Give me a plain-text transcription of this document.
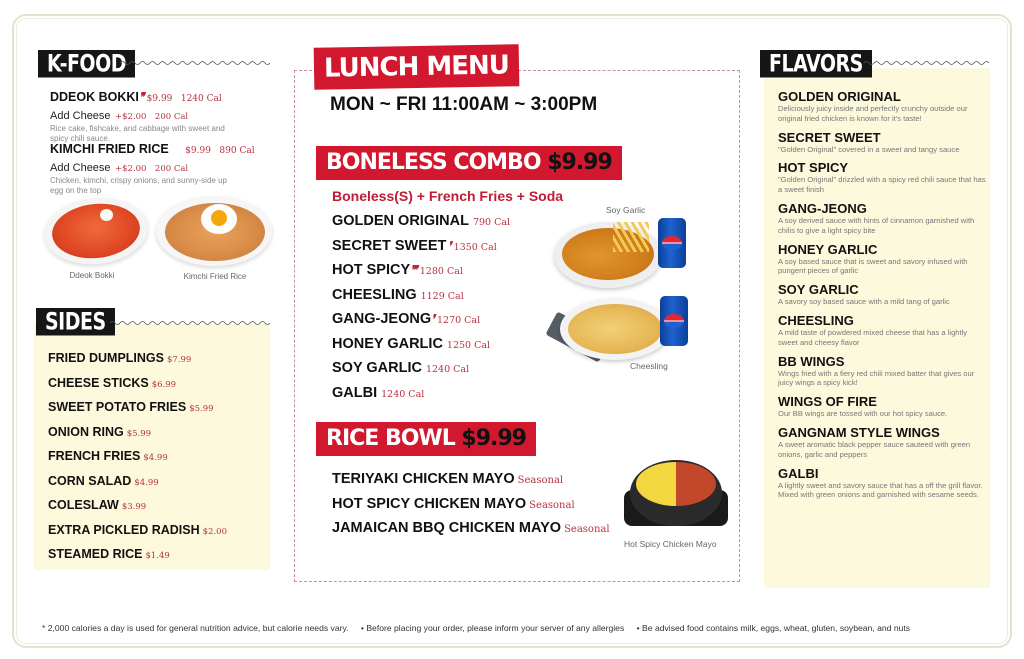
K-FOOD
DDEOK BOKKI❜❜ $9.99 1240 Cal
Add Cheese +$2.00 200 Cal
Rice cake, fishcake, and cabbage with sweet and spicy chili sauce.
KIMCHI FRIED RICE $9.99 890 Cal
Add Cheese +$2.00 200 Cal
Chicken, kimchi, crispy onions, and sunny-side up egg on the top
Ddeok Bokki	Kimchi Fried Rice
SIDES
FRIED DUMPLINGS $7.99
CHEESE STICKS $6.99
SWEET POTATO FRIES $5.99
ONION RING $5.99
FRENCH FRIES $4.99
CORN SALAD $4.99
COLESLAW $3.99
EXTRA PICKLED RADISH $2.00
STEAMED RICE $1.49
LUNCH MENU
MON ~ FRI 11:00AM ~ 3:00PM
BONELESS COMBO $9.99
Boneless(S) + French Fries + Soda
GOLDEN ORIGINAL 790 Cal
SECRET SWEET ❜ 1350 Cal
HOT SPICY❜❜❜ 1280 Cal
CHEESLING 1129 Cal
GANG-JEONG❜ 1270 Cal
HONEY GARLIC 1250 Cal
SOY GARLIC 1240 Cal
GALBI 1240 Cal
Soy Garlic
Cheesling
RICE BOWL $9.99
TERIYAKI CHICKEN MAYO Seasonal
HOT SPICY CHICKEN MAYO Seasonal
JAMAICAN BBQ CHICKEN MAYO Seasonal
Hot Spicy Chicken Mayo
FLAVORS
GOLDEN ORIGINAL
Deliciously juicy inside and perfectly crunchy outside our original fried chicken is known for it's taste!
SECRET SWEET
"Golden Original" covered in a sweet and tangy sauce
HOT SPICY
"Golden Original" drizzled with a spicy red chili sauce that has a sweet finish
GANG-JEONG
A soy derived sauce with hints of cinnamon garnished with chilis to give a light spicy bite
HONEY GARLIC
A soy based sauce that is sweet and savory infused with pungent pieces of garlic
SOY GARLIC
A savory soy based sauce with a mild tang of garlic
CHEESLING
A mild taste of powdered mixed cheese that has a lightly sweet and cheesy flavor
BB WINGS
Wings fried with a fiery red chili mixed batter that gives our juicy wings a spicy kick!
WINGS OF FIRE
Our BB wings are tossed with our hot spicy sauce.
GANGNAM STYLE WINGS
A sweet aromatic black pepper sauce sauteed with green onions, garlic and peppers
GALBI
A lightly sweet and savory sauce that has a off the grill flavor. Mixed with green onions and garnished with sesame seeds.
* 2,000 calories a day is used for general nutrition advice, but calorie needs vary. • Before placing your order, please inform your server of any allergies • Be advised food contains milk, eggs, wheat, gluten, soybean, and nuts
